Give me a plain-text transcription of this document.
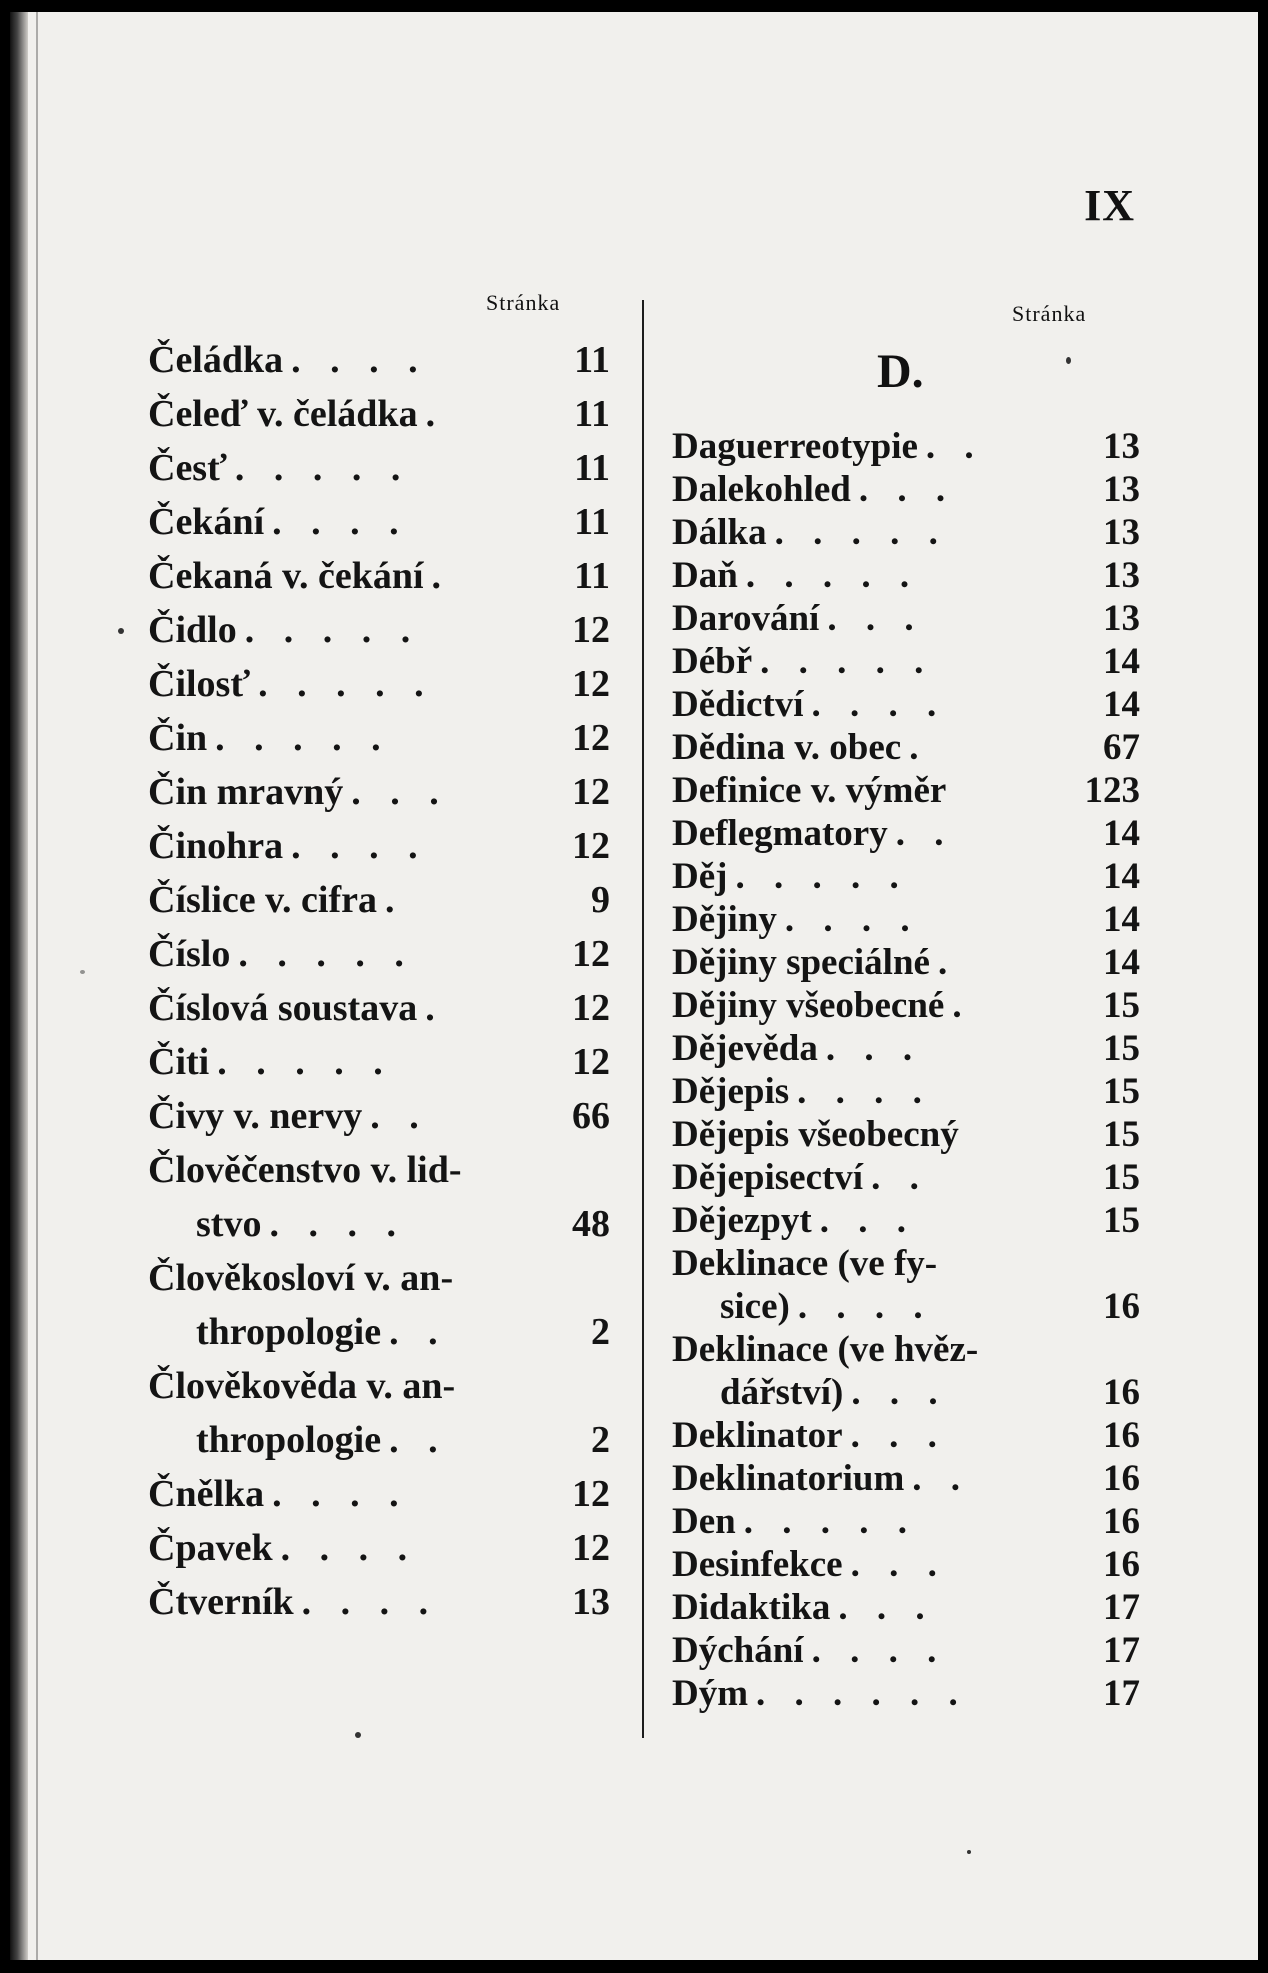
IX
Stránka	Stránka
D.
Čeládka . . . .	11
Čeleď v. čeládka .	11
Česť . . . . .	11
Čekání . . . .	11
Čekaná v. čekání .	11
Čidlo . . . . .	12
Čilosť . . . . .	12
Čin . . . . .	12
Čin mravný . . .	12
Činohra . . . .	12
Číslice v. cifra .	9
Číslo . . . . .	12
Číslová soustava .	12
Čiti . . . . .	12
Čivy v. nervy . .	66
Člověčenstvo v. lid-
stvo . . . .	48
Člověkosloví v. an-
thropologie . .	2
Člověkověda v. an-
thropologie . .	2
Čnělka . . . .	12
Čpavek . . . .	12
Čtverník . . . .	13
Daguerreotypie . .	13
Dalekohled . . .	13
Dálka . . . . .	13
Daň . . . . .	13
Darování . . .	13
Débř . . . . .	14
Dědictví . . . .	14
Dědina v. obec .	67
Definice v. výměr	123
Deflegmatory . .	14
Děj . . . . .	14
Dějiny . . . .	14
Dějiny speciálné .	14
Dějiny všeobecné .	15
Dějevěda . . .	15
Dějepis . . . .	15
Dějepis všeobecný	15
Dějepisectví . .	15
Dějezpyt . . .	15
Deklinace (ve fy-
sice) . . . .	16
Deklinace (ve hvěz-
dářství) . . .	16
Deklinator . . .	16
Deklinatorium . .	16
Den . . . . .	16
Desinfekce . . .	16
Didaktika . . .	17
Dýchání . . . .	17
Dým . . . . . .	17
